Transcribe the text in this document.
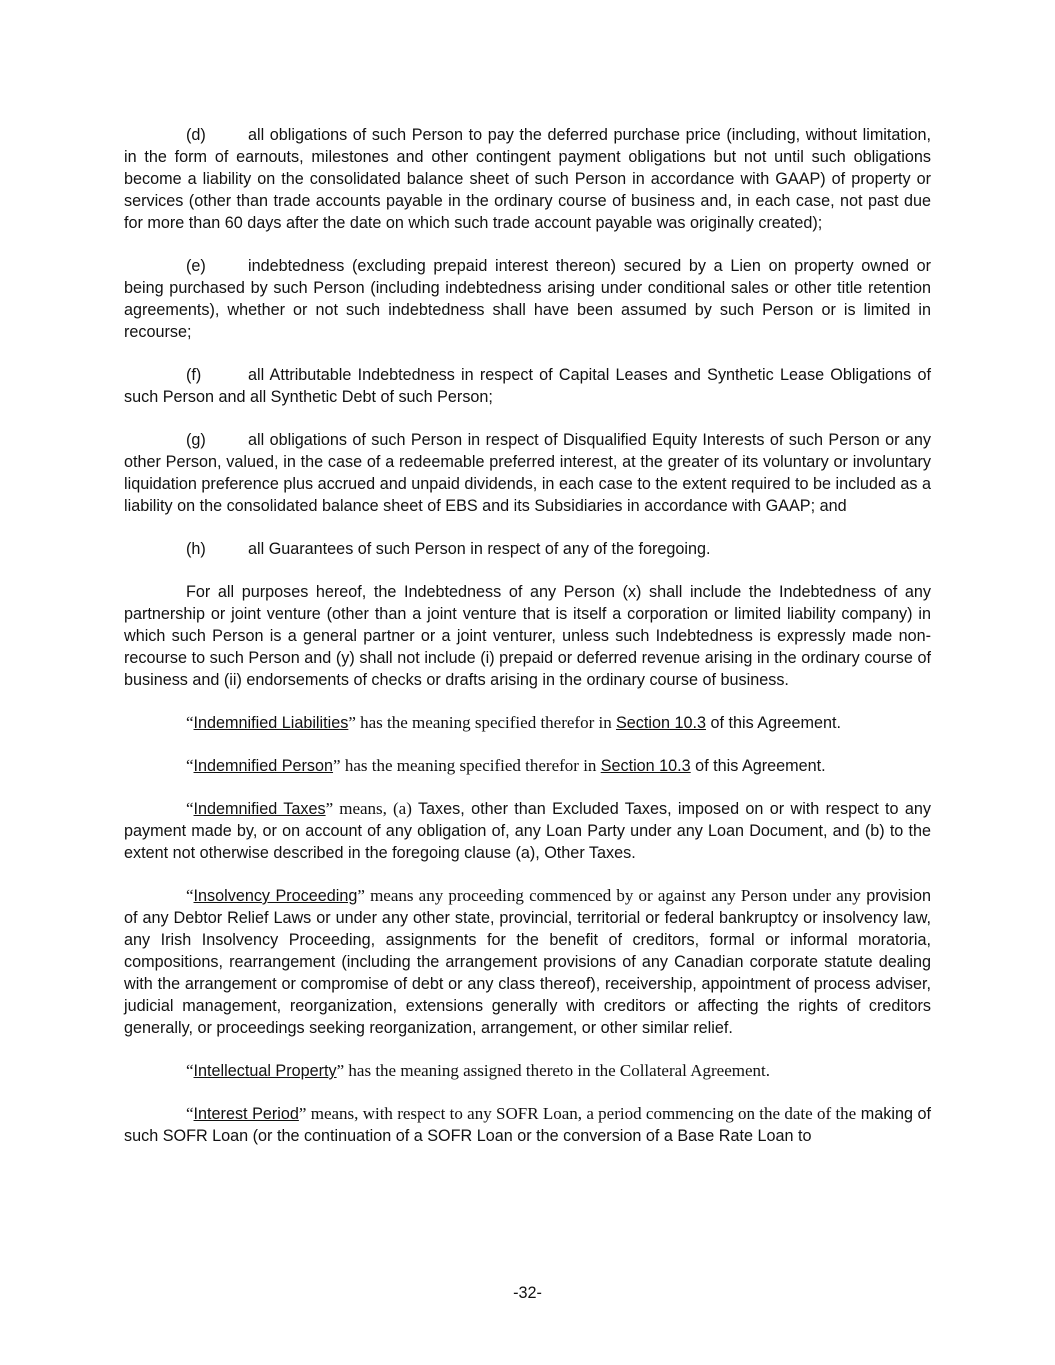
(d)	all obligations of such Person to pay the deferred purchase price (including, without limitation, in the form of earnouts, milestones and other contingent payment obligations but not until such obligations become a liability on the consolidated balance sheet of such Person in accordance with GAAP) of property or services (other than trade accounts payable in the ordinary course of business and, in each case, not past due for more than 60 days after the date on which such trade account payable was originally created);

(e)	indebtedness (excluding prepaid interest thereon) secured by a Lien on property owned or being purchased by such Person (including indebtedness arising under conditional sales or other title retention agreements), whether or not such indebtedness shall have been assumed by such Person or is limited in recourse;

(f)	all Attributable Indebtedness in respect of Capital Leases and Synthetic Lease Obligations of such Person and all Synthetic Debt of such Person;

(g)	all obligations of such Person in respect of Disqualified Equity Interests of such Person or any other Person, valued, in the case of a redeemable preferred interest, at the greater of its voluntary or involuntary liquidation preference plus accrued and unpaid dividends, in each case to the extent required to be included as a liability on the consolidated balance sheet of EBS and its Subsidiaries in accordance with GAAP; and

(h)	all Guarantees of such Person in respect of any of the foregoing.

For all purposes hereof, the Indebtedness of any Person (x) shall include the Indebtedness of any partnership or joint venture (other than a joint venture that is itself a corporation or limited liability company) in which such Person is a general partner or a joint venturer, unless such Indebtedness is expressly made non-recourse to such Person and (y) shall not include (i) prepaid or deferred revenue arising in the ordinary course of business and (ii) endorsements of checks or drafts arising in the ordinary course of business.

“Indemnified Liabilities” has the meaning specified therefor in Section 10.3 of this Agreement.

“Indemnified Person” has the meaning specified therefor in Section 10.3 of this Agreement.

“Indemnified Taxes” means, (a) Taxes, other than Excluded Taxes, imposed on or with respect to any payment made by, or on account of any obligation of, any Loan Party under any Loan Document, and (b) to the extent not otherwise described in the foregoing clause (a), Other Taxes.

“Insolvency Proceeding” means any proceeding commenced by or against any Person under any provision of any Debtor Relief Laws or under any other state, provincial, territorial or federal bankruptcy or insolvency law, any Irish Insolvency Proceeding, assignments for the benefit of creditors, formal or informal moratoria, compositions, rearrangement (including the arrangement provisions of any Canadian corporate statute dealing with the arrangement or compromise of debt or any class thereof), receivership, appointment of process adviser, judicial management, reorganization, extensions generally with creditors or affecting the rights of creditors generally, or proceedings seeking reorganization, arrangement, or other similar relief.

“Intellectual Property” has the meaning assigned thereto in the Collateral Agreement.

“Interest Period” means, with respect to any SOFR Loan, a period commencing on the date of the making of such SOFR Loan (or the continuation of a SOFR Loan or the conversion of a Base Rate Loan to

-32-
